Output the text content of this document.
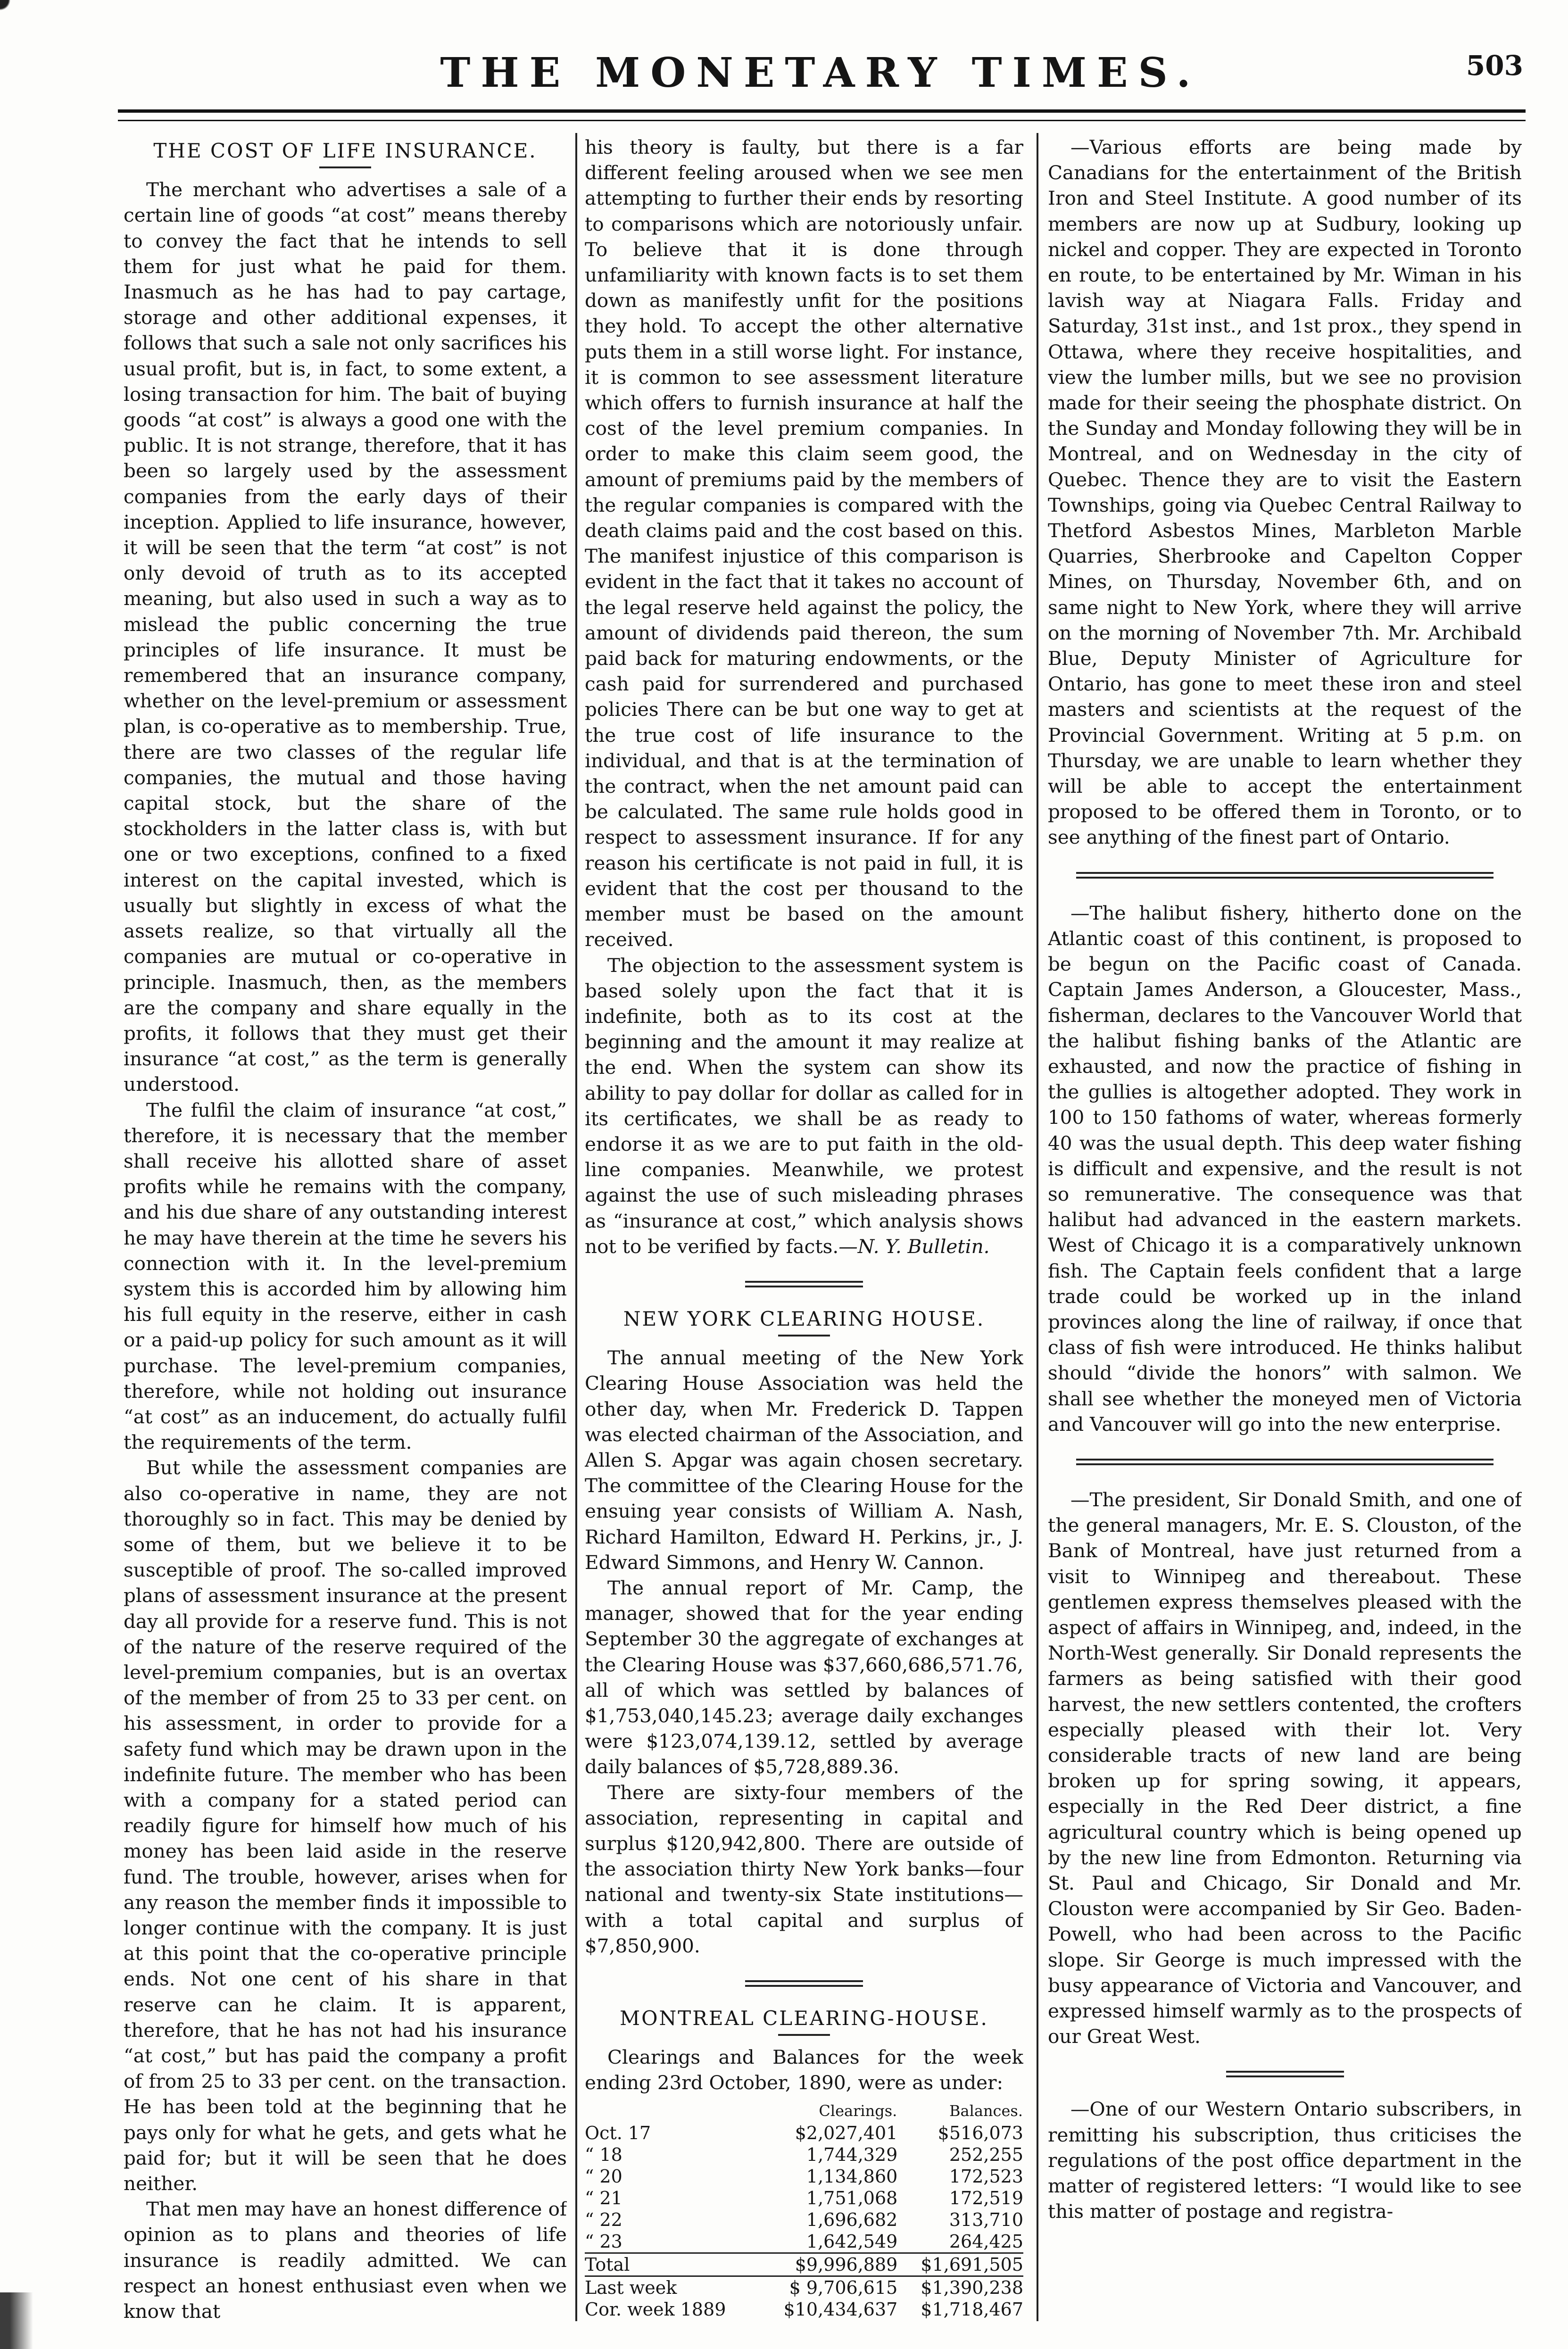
THE MONETARY TIMES.	503
THE COST OF LIFE INSURANCE.

The merchant who advertises a sale of a certain line of goods “at cost” means thereby to convey the fact that he intends to sell them for just what he paid for them. Inasmuch as he has had to pay cartage, storage and other additional expenses, it follows that such a sale not only sacrifices his usual profit, but is, in fact, to some extent, a losing transaction for him. The bait of buying goods “at cost” is always a good one with the public. It is not strange, therefore, that it has been so largely used by the assessment companies from the early days of their inception. Applied to life insurance, however, it will be seen that the term “at cost” is not only devoid of truth as to its accepted meaning, but also used in such a way as to mislead the public concerning the true principles of life insurance. It must be remembered that an insurance company, whether on the level-premium or assessment plan, is co-operative as to membership. True, there are two classes of the regular life companies, the mutual and those having capital stock, but the share of the stockholders in the latter class is, with but one or two exceptions, confined to a fixed interest on the capital invested, which is usually but slightly in excess of what the assets realize, so that virtually all the companies are mutual or co-operative in principle. Inasmuch, then, as the members are the company and share equally in the profits, it follows that they must get their insurance “at cost,” as the term is generally understood.

The fulfil the claim of insurance “at cost,” therefore, it is necessary that the member shall receive his allotted share of asset profits while he remains with the company, and his due share of any outstanding interest he may have therein at the time he severs his connection with it. In the level-premium system this is accorded him by allowing him his full equity in the reserve, either in cash or a paid-up policy for such amount as it will purchase. The level-premium companies, therefore, while not holding out insurance “at cost” as an inducement, do actually fulfil the requirements of the term.

But while the assessment companies are also co-operative in name, they are not thoroughly so in fact. This may be denied by some of them, but we believe it to be susceptible of proof. The so-called improved plans of assessment insurance at the present day all provide for a reserve fund. This is not of the nature of the reserve required of the level-premium companies, but is an overtax of the member of from 25 to 33 per cent. on his assessment, in order to provide for a safety fund which may be drawn upon in the indefinite future. The member who has been with a company for a stated period can readily figure for himself how much of his money has been laid aside in the reserve fund. The trouble, however, arises when for any reason the member finds it impossible to longer continue with the company. It is just at this point that the co-operative principle ends. Not one cent of his share in that reserve can he claim. It is apparent, therefore, that he has not had his insurance “at cost,” but has paid the company a profit of from 25 to 33 per cent. on the transaction. He has been told at the beginning that he pays only for what he gets, and gets what he paid for; but it will be seen that he does neither.

That men may have an honest difference of opinion as to plans and theories of life insurance is readily admitted. We can respect an honest enthusiast even when we know that

his theory is faulty, but there is a far different feeling aroused when we see men attempting to further their ends by resorting to comparisons which are notoriously unfair. To believe that it is done through unfamiliarity with known facts is to set them down as manifestly unfit for the positions they hold. To accept the other alternative puts them in a still worse light. For instance, it is common to see assessment literature which offers to furnish insurance at half the cost of the level premium companies. In order to make this claim seem good, the amount of premiums paid by the members of the regular companies is compared with the death claims paid and the cost based on this. The manifest injustice of this comparison is evident in the fact that it takes no account of the legal reserve held against the policy, the amount of dividends paid thereon, the sum paid back for maturing endowments, or the cash paid for surrendered and purchased policies There can be but one way to get at the true cost of life insurance to the individual, and that is at the termination of the contract, when the net amount paid can be calculated. The same rule holds good in respect to assessment insurance. If for any reason his certificate is not paid in full, it is evident that the cost per thousand to the member must be based on the amount received.

The objection to the assessment system is based solely upon the fact that it is indefinite, both as to its cost at the beginning and the amount it may realize at the end. When the system can show its ability to pay dollar for dollar as called for in its certificates, we shall be as ready to endorse it as we are to put faith in the old-line companies. Meanwhile, we protest against the use of such misleading phrases as “insurance at cost,” which analysis shows not to be verified by facts.—N. Y. Bulletin.

NEW YORK CLEARING HOUSE.

The annual meeting of the New York Clearing House Association was held the other day, when Mr. Frederick D. Tappen was elected chairman of the Association, and Allen S. Apgar was again chosen secretary. The committee of the Clearing House for the ensuing year consists of William A. Nash, Richard Hamilton, Edward H. Perkins, jr., J. Edward Simmons, and Henry W. Cannon.

The annual report of Mr. Camp, the manager, showed that for the year ending September 30 the aggregate of exchanges at the Clearing House was $37,660,686,571.76, all of which was settled by balances of $1,753,040,145.23; average daily exchanges were $123,074,139.12, settled by average daily balances of $5,728,889.36.

There are sixty-four members of the association, representing in capital and surplus $120,942,800. There are outside of the association thirty New York banks—four national and twenty-six State institutions—with a total capital and surplus of $7,850,900.

MONTREAL CLEARING-HOUSE.

Clearings and Balances for the week ending 23rd October, 1890, were as under:

	Clearings.	Balances.
Oct. 17	$2,027,401	$516,073
“ 18	1,744,329	252,255
“ 20	1,134,860	172,523
“ 21	1,751,068	172,519
“ 22	1,696,682	313,710
“ 23	1,642,549	264,425
Total	$9,996,889	$1,691,505
Last week	$ 9,706,615	$1,390,238
Cor. week 1889	$10,434,637	$1,718,467

—Various efforts are being made by Canadians for the entertainment of the British Iron and Steel Institute. A good number of its members are now up at Sudbury, looking up nickel and copper. They are expected in Toronto en route, to be entertained by Mr. Wiman in his lavish way at Niagara Falls. Friday and Saturday, 31st inst., and 1st prox., they spend in Ottawa, where they receive hospitalities, and view the lumber mills, but we see no provision made for their seeing the phosphate district. On the Sunday and Monday following they will be in Montreal, and on Wednesday in the city of Quebec. Thence they are to visit the Eastern Townships, going via Quebec Central Railway to Thetford Asbestos Mines, Marbleton Marble Quarries, Sherbrooke and Capelton Copper Mines, on Thursday, November 6th, and on same night to New York, where they will arrive on the morning of November 7th. Mr. Archibald Blue, Deputy Minister of Agriculture for Ontario, has gone to meet these iron and steel masters and scientists at the request of the Provincial Government. Writing at 5 p.m. on Thursday, we are unable to learn whether they will be able to accept the entertainment proposed to be offered them in Toronto, or to see anything of the finest part of Ontario.

—The halibut fishery, hitherto done on the Atlantic coast of this continent, is proposed to be begun on the Pacific coast of Canada. Captain James Anderson, a Gloucester, Mass., fisherman, declares to the Vancouver World that the halibut fishing banks of the Atlantic are exhausted, and now the practice of fishing in the gullies is altogether adopted. They work in 100 to 150 fathoms of water, whereas formerly 40 was the usual depth. This deep water fishing is difficult and expensive, and the result is not so remunerative. The consequence was that halibut had advanced in the eastern markets. West of Chicago it is a comparatively unknown fish. The Captain feels confident that a large trade could be worked up in the inland provinces along the line of railway, if once that class of fish were introduced. He thinks halibut should “divide the honors” with salmon. We shall see whether the moneyed men of Victoria and Vancouver will go into the new enterprise.

—The president, Sir Donald Smith, and one of the general managers, Mr. E. S. Clouston, of the Bank of Montreal, have just returned from a visit to Winnipeg and thereabout. These gentlemen express themselves pleased with the aspect of affairs in Winnipeg, and, indeed, in the North-West generally. Sir Donald represents the farmers as being satisfied with their good harvest, the new settlers contented, the crofters especially pleased with their lot. Very considerable tracts of new land are being broken up for spring sowing, it appears, especially in the Red Deer district, a fine agricultural country which is being opened up by the new line from Edmonton. Returning via St. Paul and Chicago, Sir Donald and Mr. Clouston were accompanied by Sir Geo. Baden-Powell, who had been across to the Pacific slope. Sir George is much impressed with the busy appearance of Victoria and Vancouver, and expressed himself warmly as to the prospects of our Great West.

—One of our Western Ontario subscribers, in remitting his subscription, thus criticises the regulations of the post office department in the matter of registered letters: “I would like to see this matter of postage and registra-
